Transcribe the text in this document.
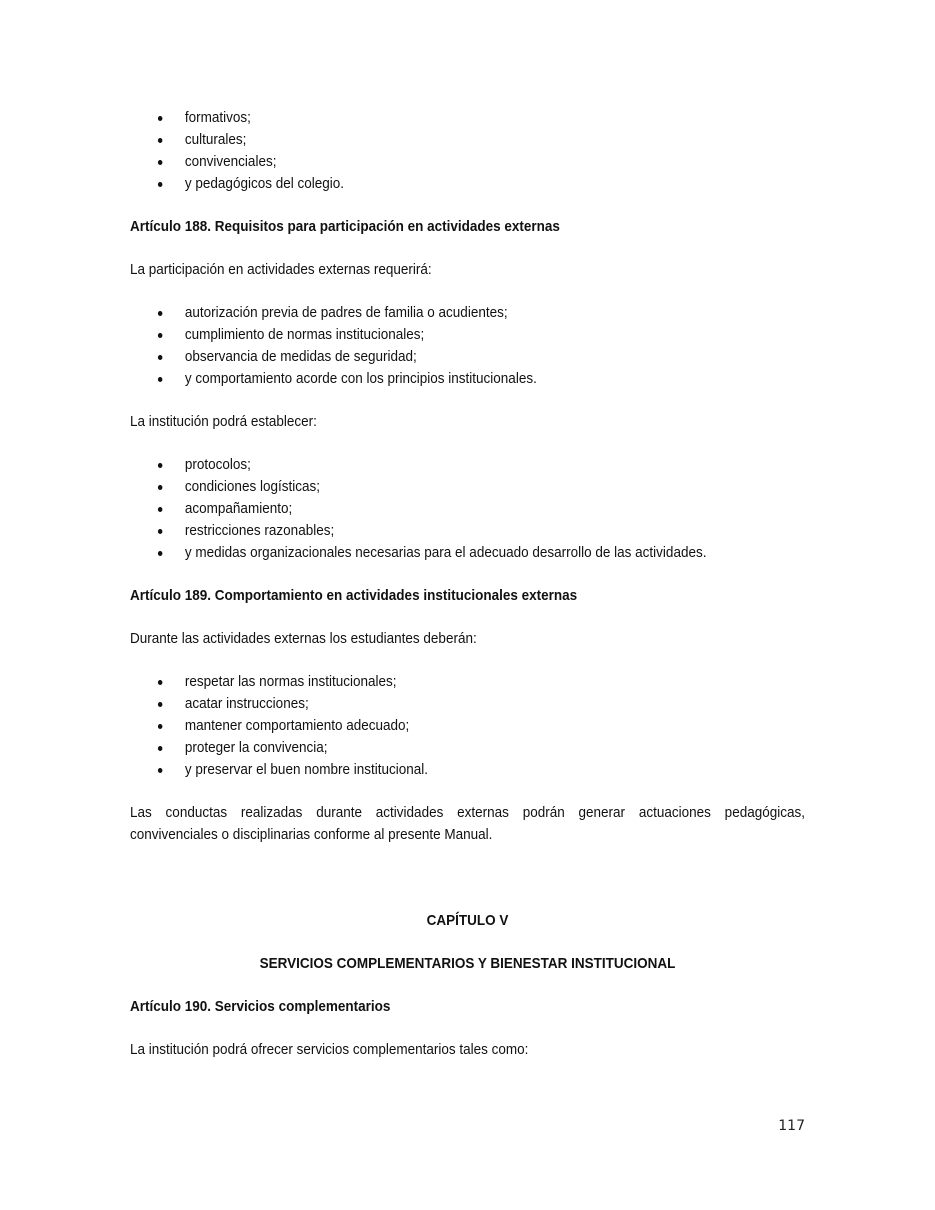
formativos;
culturales;
convivenciales;
y pedagógicos del colegio.
Artículo 188. Requisitos para participación en actividades externas
La participación en actividades externas requerirá:
autorización previa de padres de familia o acudientes;
cumplimiento de normas institucionales;
observancia de medidas de seguridad;
y comportamiento acorde con los principios institucionales.
La institución podrá establecer:
protocolos;
condiciones logísticas;
acompañamiento;
restricciones razonables;
y medidas organizacionales necesarias para el adecuado desarrollo de las actividades.
Artículo 189. Comportamiento en actividades institucionales externas
Durante las actividades externas los estudiantes deberán:
respetar las normas institucionales;
acatar instrucciones;
mantener comportamiento adecuado;
proteger la convivencia;
y preservar el buen nombre institucional.
Las conductas realizadas durante actividades externas podrán generar actuaciones pedagógicas,
convivenciales o disciplinarias conforme al presente Manual.
CAPÍTULO V
SERVICIOS COMPLEMENTARIOS Y BIENESTAR INSTITUCIONAL
Artículo 190. Servicios complementarios
La institución podrá ofrecer servicios complementarios tales como:
117
